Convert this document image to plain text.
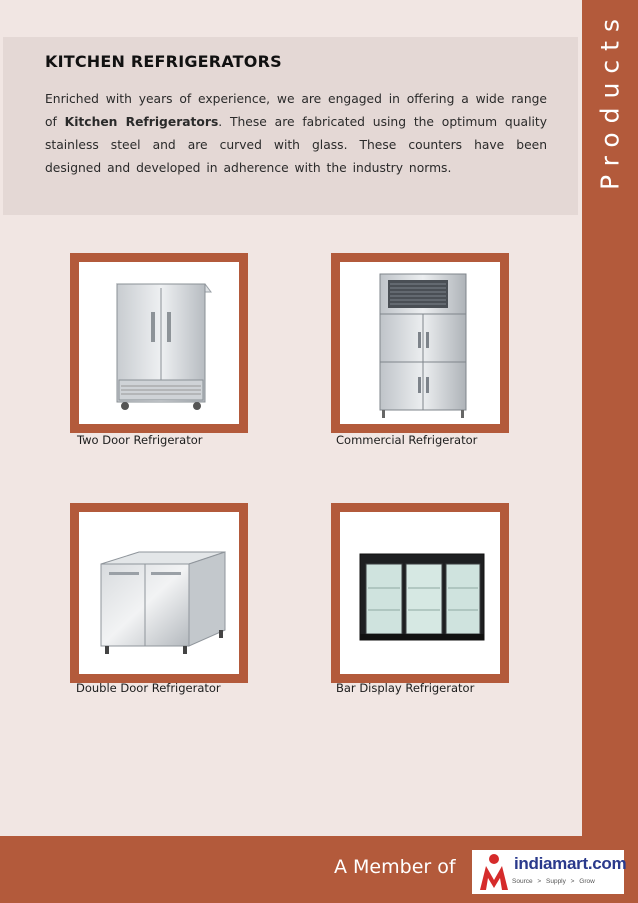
Products
KITCHEN REFRIGERATORS

Enriched with years of experience, we are engaged in offering a wide range of Kitchen Refrigerators. These are fabricated using the optimum quality stainless steel and are curved with glass. These counters have been designed and developed in adherence with the industry norms.

Two Door Refrigerator	Commercial Refrigerator
Double Door Refrigerator	Bar Display Refrigerator
A Member of	indiamart.com
Source > Supply > Grow
